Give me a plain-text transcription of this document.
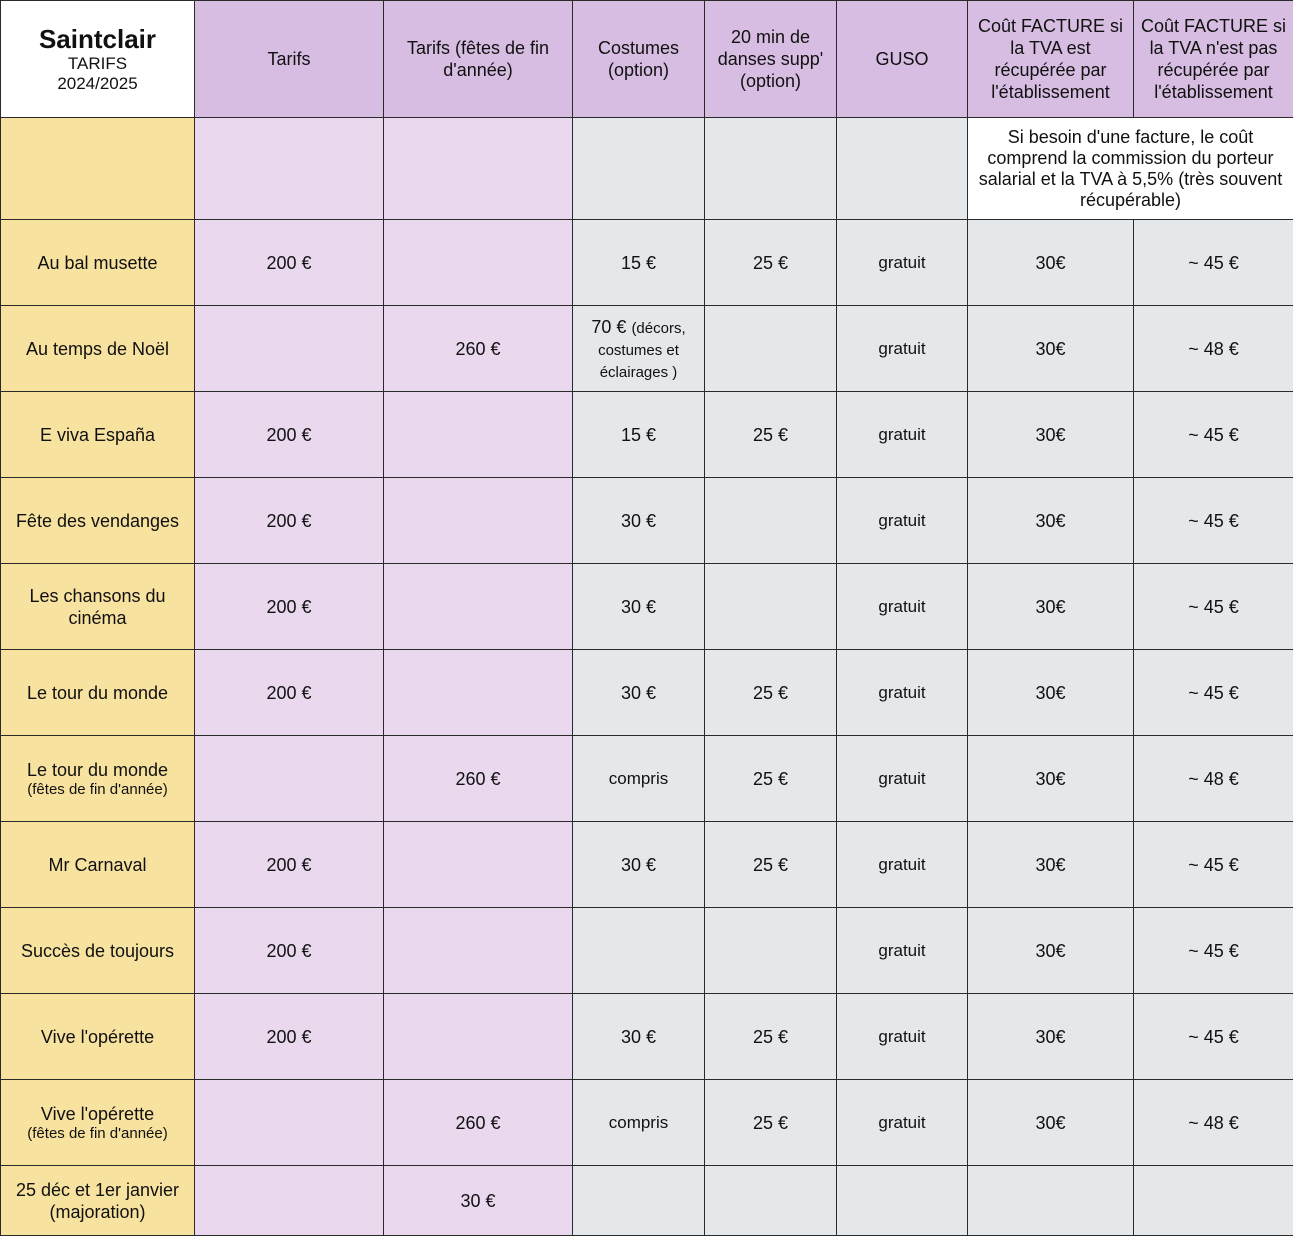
Saintclair
TARIFS
2024/2025	Tarifs	Tarifs (fêtes de fin d'année)	Costumes (option)	20 min de danses supp' (option)	GUSO	Coût FACTURE si la TVA est récupérée par l'établissement	Coût FACTURE si la TVA n'est pas récupérée par l'établissement
						Si besoin d'une facture, le coût comprend la commission du porteur salarial et la TVA à 5,5% (très souvent récupérable)	
Au bal musette	200 €		15 €	25 €	gratuit	30€	~ 45 €
Au temps de Noël		260 €	70 € (décors, costumes et éclairages )		gratuit	30€	~ 48 €
E viva España	200 €		15 €	25 €	gratuit	30€	~ 45 €
Fête des vendanges	200 €		30 €		gratuit	30€	~ 45 €
Les chansons du cinéma	200 €		30 €		gratuit	30€	~ 45 €
Le tour du monde	200 €		30 €	25 €	gratuit	30€	~ 45 €
Le tour du monde
(fêtes de fin d'année)		260 €	compris	25 €	gratuit	30€	~ 48 €
Mr Carnaval	200 €		30 €	25 €	gratuit	30€	~ 45 €
Succès de toujours	200 €				gratuit	30€	~ 45 €
Vive l'opérette	200 €		30 €	25 €	gratuit	30€	~ 45 €
Vive l'opérette
(fêtes de fin d'année)		260 €	compris	25 €	gratuit	30€	~ 48 €
25 déc et 1er janvier (majoration)		30 €					
